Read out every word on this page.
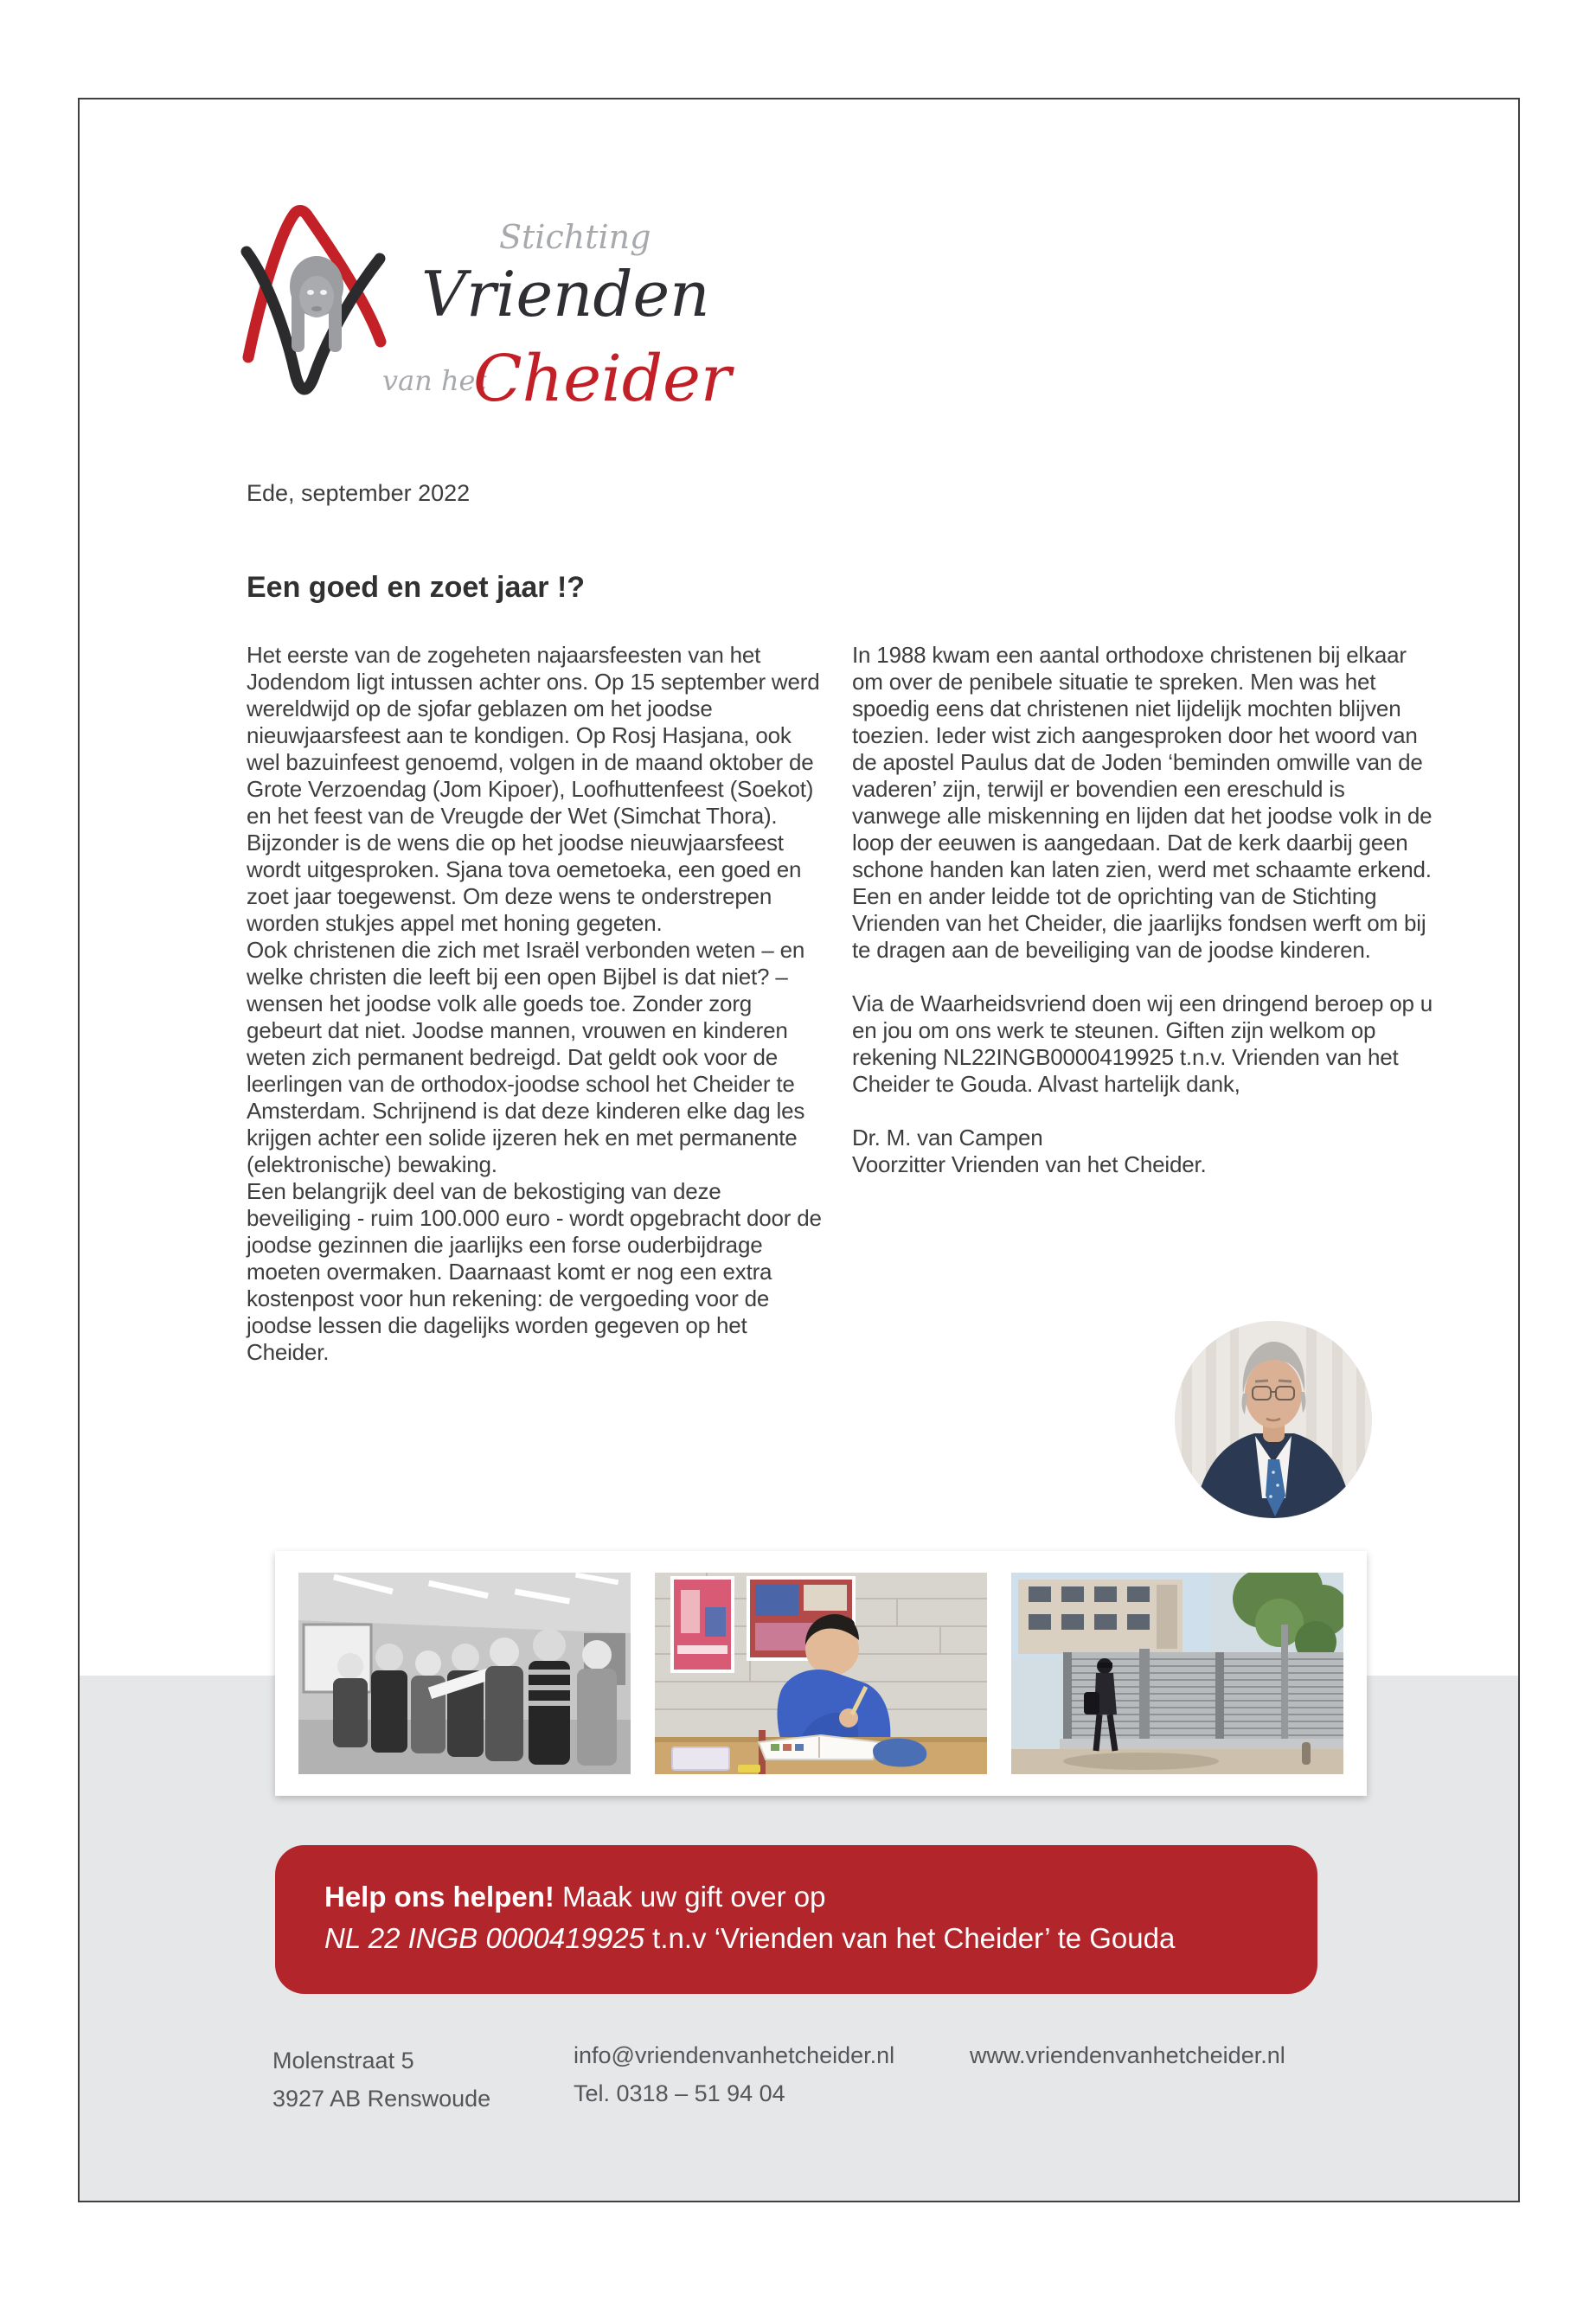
Stichting
Vrienden
van het
Cheider
Ede, september 2022
Een goed en zoet jaar !?

Het eerste van de zogeheten najaarsfeesten van het Jodendom ligt intussen achter ons. Op 15 september werd wereldwijd op de sjofar geblazen om het joodse nieuwjaarsfeest aan te kondigen. Op Rosj Hasjana, ook wel bazuinfeest genoemd, volgen in de maand oktober de Grote Verzoendag (Jom Kipoer), Loofhuttenfeest (Soekot) en het feest van de Vreugde der Wet (Simchat Thora).

Bijzonder is de wens die op het joodse nieuwjaarsfeest wordt uitgesproken. Sjana tova oemetoeka, een goed en zoet jaar toegewenst. Om deze wens te onderstrepen worden stukjes appel met honing gegeten.

Ook christenen die zich met Israël verbonden weten – en welke christen die leeft bij een open Bijbel is dat niet? – wensen het joodse volk alle goeds toe. Zonder zorg gebeurt dat niet. Joodse mannen, vrouwen en kinderen weten zich permanent bedreigd. Dat geldt ook voor de leerlingen van de orthodox-joodse school het Cheider te Amsterdam. Schrijnend is dat deze kinderen elke dag les krijgen achter een solide ijzeren hek en met permanente (elektronische) bewaking.

Een belangrijk deel van de bekostiging van deze beveiliging - ruim 100.000 euro - wordt opgebracht door de joodse gezinnen die jaarlijks een forse ouderbijdrage moeten overmaken. Daarnaast komt er nog een extra kostenpost voor hun rekening: de vergoeding voor de joodse lessen die dagelijks worden gegeven op het Cheider.

In 1988 kwam een aantal orthodoxe christenen bij elkaar om over de penibele situatie te spreken. Men was het spoedig eens dat christenen niet lijdelijk mochten blijven toezien. Ieder wist zich aangesproken door het woord van de apostel Paulus dat de Joden ‘beminden omwille van de vaderen’ zijn, terwijl er bovendien een ereschuld is vanwege alle miskenning en lijden dat het joodse volk in de loop der eeuwen is aangedaan. Dat de kerk daarbij geen schone handen kan laten zien, werd met schaamte erkend. Een en ander leidde tot de oprichting van de Stichting Vrienden van het Cheider, die jaarlijks fondsen werft om bij te dragen aan de beveiliging van de joodse kinderen.

Via de Waarheidsvriend doen wij een dringend beroep op u en jou om ons werk te steunen. Giften zijn welkom op rekening NL22INGB0000419925 t.n.v. Vrienden van het Cheider te Gouda. Alvast hartelijk dank,

Dr. M. van Campen

Voorzitter Vrienden van het Cheider.

Help ons helpen! Maak uw gift over op
NL 22 INGB 0000419925 t.n.v ‘Vrienden van het Cheider’ te Gouda

Molenstraat 5

3927 AB Renswoude

info@vriendenvanhetcheider.nl

Tel. 0318 – 51 94 04

www.vriendenvanhetcheider.nl
